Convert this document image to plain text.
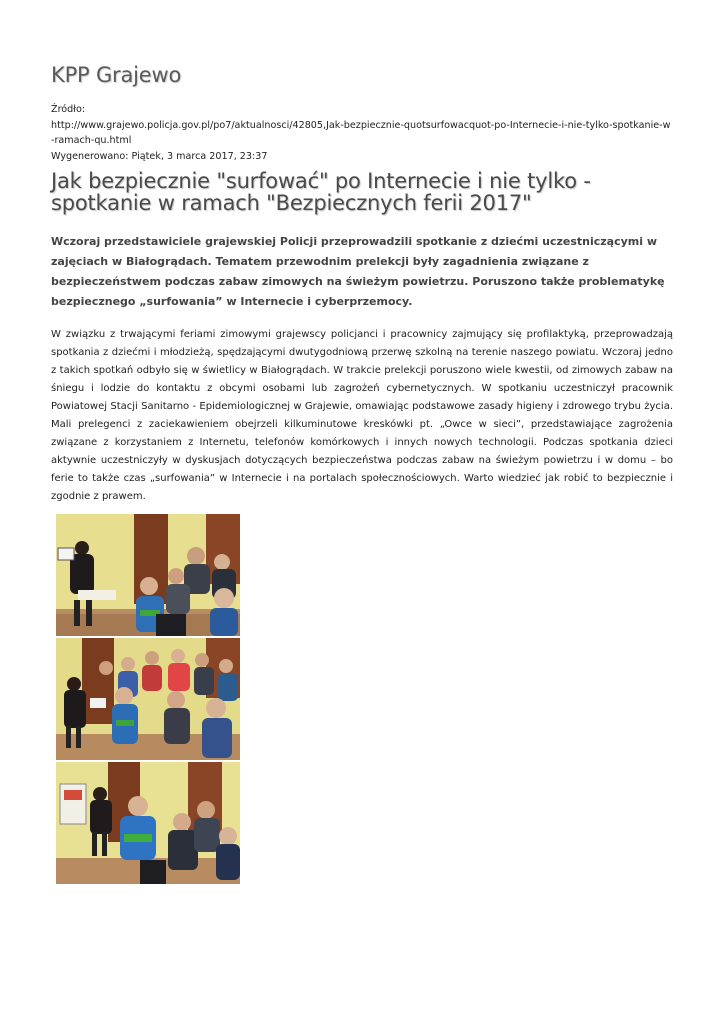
KPP Grajewo
Źródło:
http://www.grajewo.policja.gov.pl/po7/aktualnosci/42805,Jak-bezpiecznie-quotsurfowacquot-po-Internecie-i-nie-tylko-spotkanie-w-ramach-qu.html
Wygenerowano: Piątek, 3 marca 2017, 23:37
Jak bezpiecznie "surfować" po Internecie i nie tylko - spotkanie w ramach "Bezpiecznych ferii 2017"

Wczoraj przedstawiciele grajewskiej Policji przeprowadzili spotkanie z dziećmi uczestniczącymi w zajęciach w Białogrądach. Tematem przewodnim prelekcji były zagadnienia związane z bezpieczeństwem podczas zabaw zimowych na świeżym powietrzu. Poruszono także problematykę bezpiecznego „surfowania” w Internecie i cyberprzemocy.

W związku z trwającymi feriami zimowymi grajewscy policjanci i pracownicy zajmujący się profilaktyką, przeprowadzają spotkania z dziećmi i młodzieżą, spędzającymi dwutygodniową przerwę szkolną na terenie naszego powiatu. Wczoraj jedno z takich spotkań odbyło się w świetlicy w Białogrądach. W trakcie prelekcji poruszono wiele kwestii, od zimowych zabaw na śniegu i lodzie do kontaktu z obcymi osobami lub zagrożeń cybernetycznych. W spotkaniu uczestniczył pracownik Powiatowej Stacji Sanitarno - Epidemiologicznej w Grajewie, omawiając podstawowe zasady higieny i zdrowego trybu życia. Mali prelegenci z zaciekawieniem obejrzeli kilkuminutowe kreskówki pt. „Owce w sieci”, przedstawiające zagrożenia związane z korzystaniem z Internetu, telefonów komórkowych i innych nowych technologii. Podczas spotkania dzieci aktywnie uczestniczyły w dyskusjach dotyczących bezpieczeństwa podczas zabaw na świeżym powietrzu i w domu – bo ferie to także czas „surfowania” w Internecie i na portalach społecznościowych. Warto wiedzieć jak robić to bezpiecznie i zgodnie z prawem.
